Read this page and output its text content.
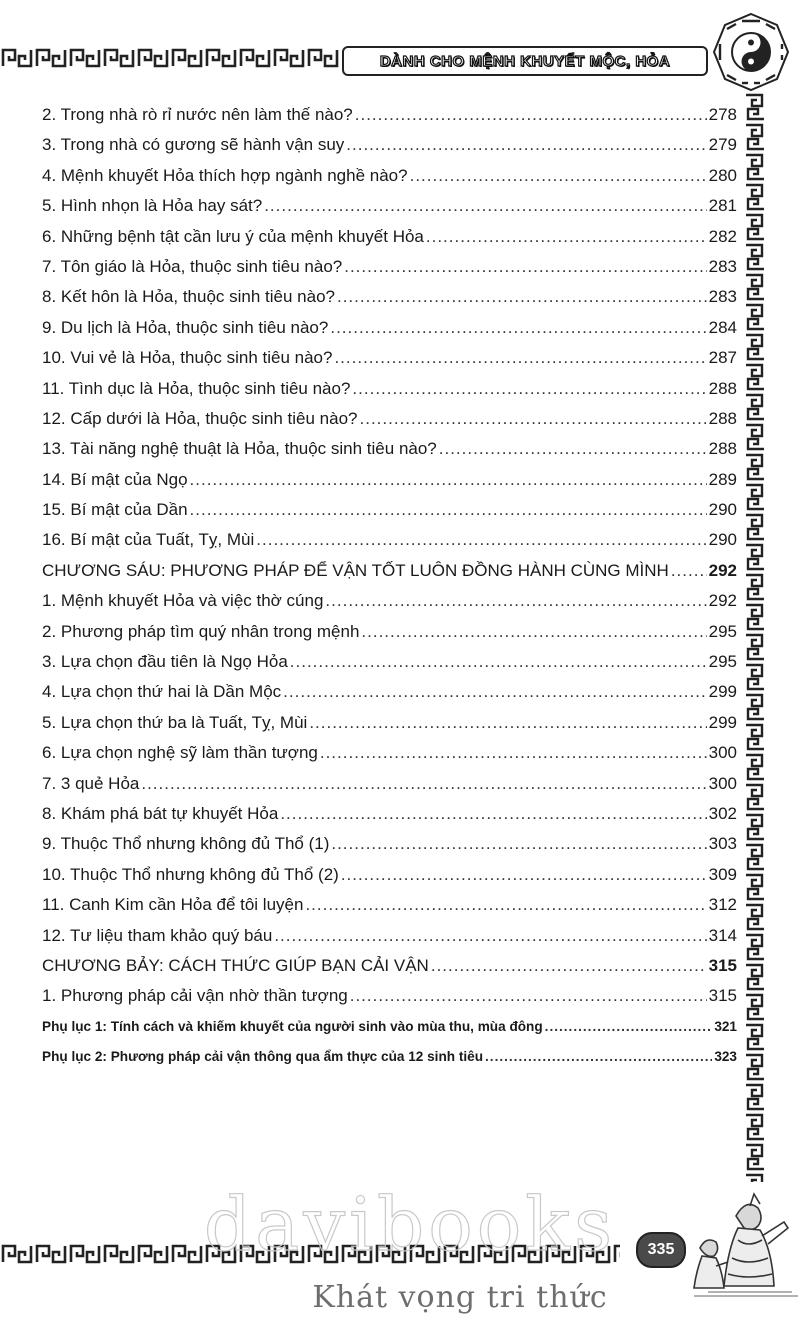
DÀNH CHO MỆNH KHUYẾT MỘC, HỎA
2. Trong nhà rò rỉ nước nên làm thế nào? .....	278
3. Trong nhà có gương sẽ hành vận suy .....	279
4. Mệnh khuyết Hỏa thích hợp ngành nghề nào? .....	280
5. Hình nhọn là Hỏa hay sát? .....	281
6. Những bệnh tật cần lưu ý của mệnh khuyết Hỏa .....	282
7. Tôn giáo là Hỏa, thuộc sinh tiêu nào? .....	283
8. Kết hôn là Hỏa, thuộc sinh tiêu nào? .....	283
9. Du lịch là Hỏa, thuộc sinh tiêu nào? .....	284
10. Vui vẻ là Hỏa, thuộc sinh tiêu nào? .....	287
11. Tình dục là Hỏa, thuộc sinh tiêu nào? .....	288
12. Cấp dưới là Hỏa, thuộc sinh tiêu nào? .....	288
13. Tài năng nghệ thuật là Hỏa, thuộc sinh tiêu nào? .....	288
14. Bí mật của Ngọ .....	289
15. Bí mật của Dần .....	290
16. Bí mật của Tuất, Tỵ, Mùi .....	290
CHƯƠNG SÁU: PHƯƠNG PHÁP ĐỂ VẬN TỐT LUÔN ĐỒNG HÀNH CÙNG MÌNH ..... 292
1. Mệnh khuyết Hỏa và việc thờ cúng .....	292
2. Phương pháp tìm quý nhân trong mệnh .....	295
3. Lựa chọn đầu tiên là Ngọ Hỏa .....	295
4. Lựa chọn thứ hai là Dần Mộc .....	299
5. Lựa chọn thứ ba là Tuất, Tỵ, Mùi .....	299
6. Lựa chọn nghệ sỹ làm thần tượng .....	300
7. 3 quẻ Hỏa .....	300
8. Khám phá bát tự khuyết Hỏa .....	302
9. Thuộc Thổ nhưng không đủ Thổ (1) .....	303
10. Thuộc Thổ nhưng không đủ Thổ (2) .....	309
11. Canh Kim cần Hỏa để tôi luyện .....	312
12. Tư liệu tham khảo quý báu .....	314
CHƯƠNG BẢY: CÁCH THỨC GIÚP BẠN CẢI VẬN .....	315
1. Phương pháp cải vận nhờ thần tượng .....	315
Phụ lục 1: Tính cách và khiếm khuyết của người sinh vào mùa thu, mùa đông .....	321
Phụ lục 2: Phương pháp cải vận thông qua ẩm thực của 12 sinh tiêu .....	323
davibooks 335
Khát vọng tri thức
